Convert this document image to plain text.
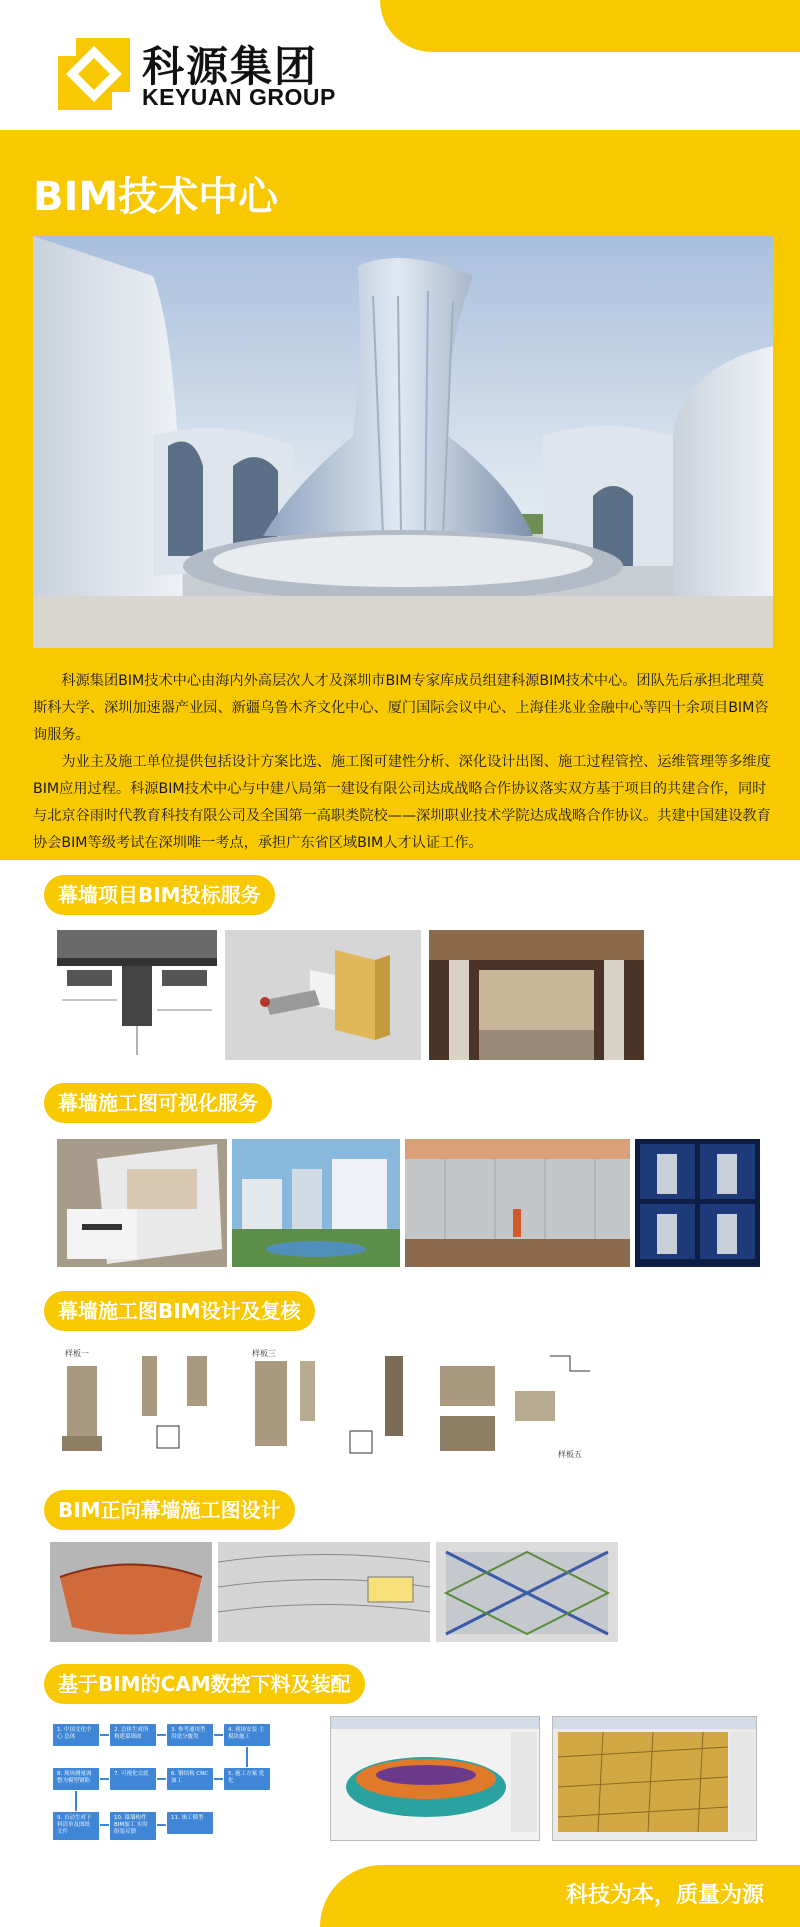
科源集团
KEYUAN GROUP
BIM技术中心

科源集团BIM技术中心由海内外高层次人才及深圳市BIM专家库成员组建科源BIM技术中心。团队先后承担北理莫斯科大学、深圳加速器产业园、新疆乌鲁木齐文化中心、厦门国际会议中心、上海佳兆业金融中心等四十余项目BIM咨询服务。

为业主及施工单位提供包括设计方案比选、施工图可建性分析、深化设计出图、施工过程管控、运维管理等多维度BIM应用过程。科源BIM技术中心与中建八局第一建设有限公司达成战略合作协议落实双方基于项目的共建合作，同时与北京谷雨时代教育科技有限公司及全国第一高职类院校——深圳职业技术学院达成战略合作协议。共建中国建设教育协会BIM等级考试在深圳唯一考点，承担广东省区域BIM人才认证工作。

幕墙项目BIM投标服务
幕墙施工图可视化服务
幕墙施工图BIM设计及复核
样板一	样板三
样板五
BIM正向幕墙施工图设计
基于BIM的CAM数控下料及装配
1. 中国文化中心 总体
2. 总体生成所 构建幕墙面
3. 参考通用型 用途分覆类
4. 现场安装 主模块施工
8. 现场测量调 整为模型钢筋
7. 可视化交底	6. 钢结构 CNC加工
5. 施工方案 优化
9. 自动生成下 料清单及图纸 文件
10. 幕墙构件 BIM加工 实时 组装反馈
11. 竣工模型
科技为本，质量为源
